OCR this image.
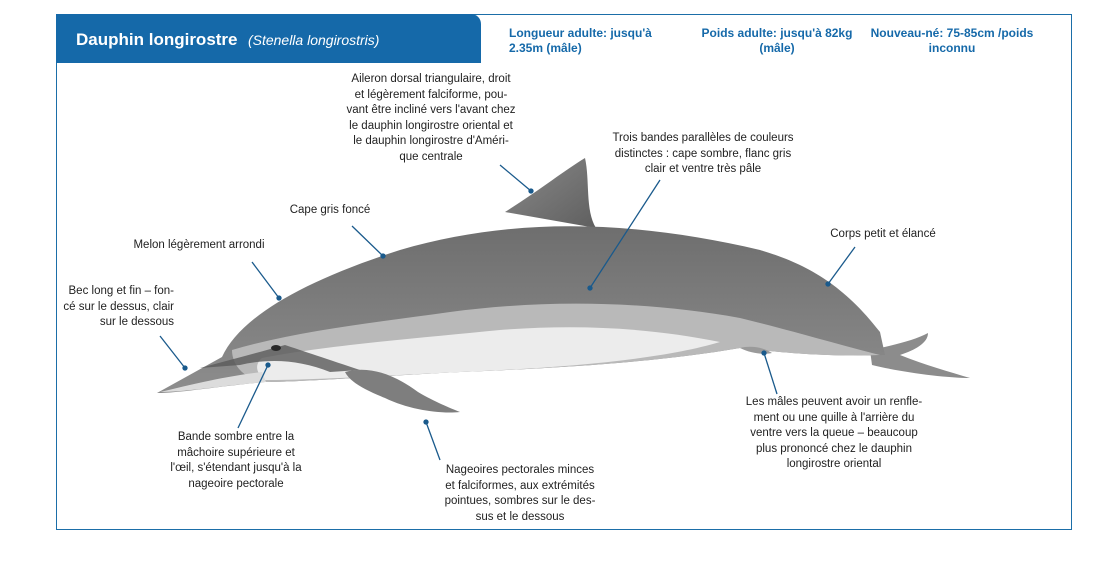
Dauphin longirostre (Stenella longirostris)	Longueur adulte: jusqu'à
2.35m (mâle)
Poids adulte: jusqu'à 82kg
(mâle)
Nouveau-né: 75-85cm /poids
inconnu
Aileron dorsal triangulaire, droit
et légèrement falciforme, pou-
vant être incliné vers l'avant chez
le dauphin longirostre oriental et
le dauphin longirostre d'Améri-
que centrale
Trois bandes parallèles de couleurs
distinctes : cape sombre, flanc gris
clair et ventre très pâle
Cape gris foncé
Melon légèrement arrondi
Corps petit et élancé
Bec long et fin – fon-
cé sur le dessus, clair
sur le dessous
Bande sombre entre la
mâchoire supérieure et
l'œil, s'étendant jusqu'à la
nageoire pectorale
Nageoires pectorales minces
et falciformes, aux extrémités
pointues, sombres sur le des-
sus et le dessous
Les mâles peuvent avoir un renfle-
ment ou une quille à l'arrière du
ventre vers la queue – beaucoup
plus prononcé chez le dauphin
longirostre oriental
